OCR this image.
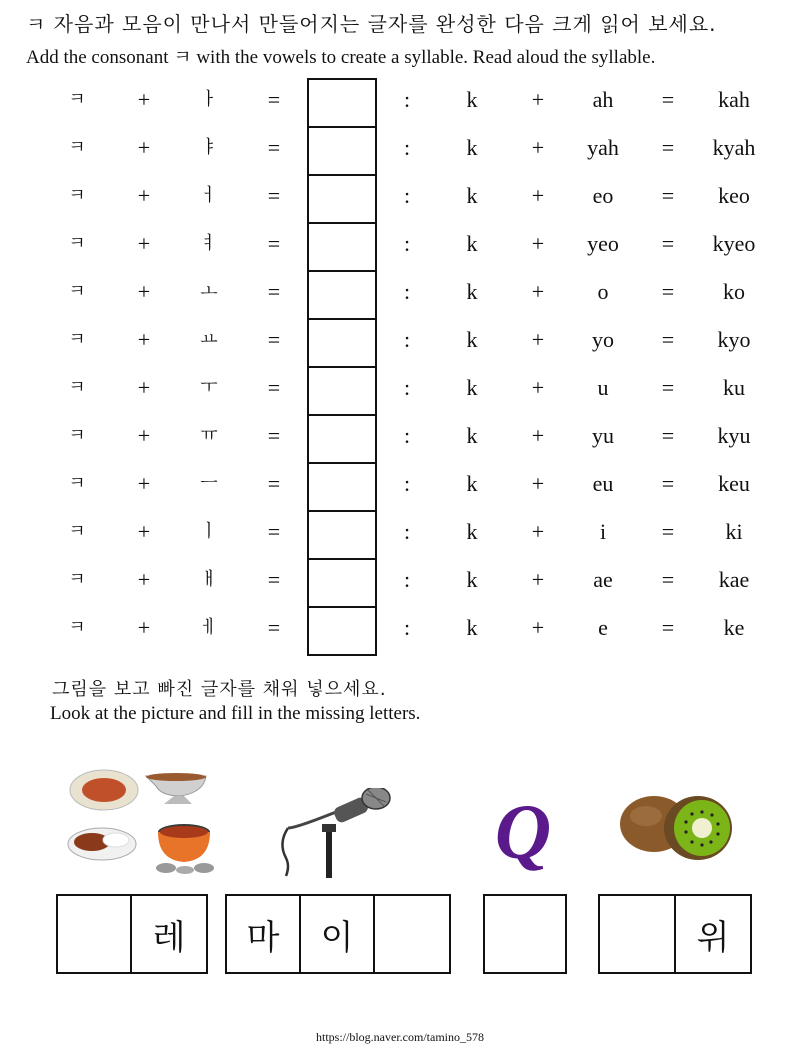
ㅋ 자음과 모음이 만나서 만들어지는 글자를 완성한 다음 크게 읽어 보세요.
Add the consonant ㅋ with the vowels to create a syllable. Read aloud the syllable.
ㅋ	+	ㅏ	=	:	k	+	ah	=	kah
ㅋ	+	ㅑ	=	:	k	+	yah	=	kyah
ㅋ	+	ㅓ	=	:	k	+	eo	=	keo
ㅋ	+	ㅕ	=	:	k	+	yeo	=	kyeo
ㅋ	+	ㅗ	=	:	k	+	o	=	ko
ㅋ	+	ㅛ	=	:	k	+	yo	=	kyo
ㅋ	+	ㅜ	=	:	k	+	u	=	ku
ㅋ	+	ㅠ	=	:	k	+	yu	=	kyu
ㅋ	+	ㅡ	=	:	k	+	eu	=	keu
ㅋ	+	ㅣ	=	:	k	+	i	=	ki
ㅋ	+	ㅐ	=	:	k	+	ae	=	kae
ㅋ	+	ㅔ	=	:	k	+	e	=	ke
그림을 보고 빠진 글자를 채워 넣으세요.
Look at the picture and fill in the missing letters.
Q
레	마	이	위
https://blog.naver.com/tamino_578
